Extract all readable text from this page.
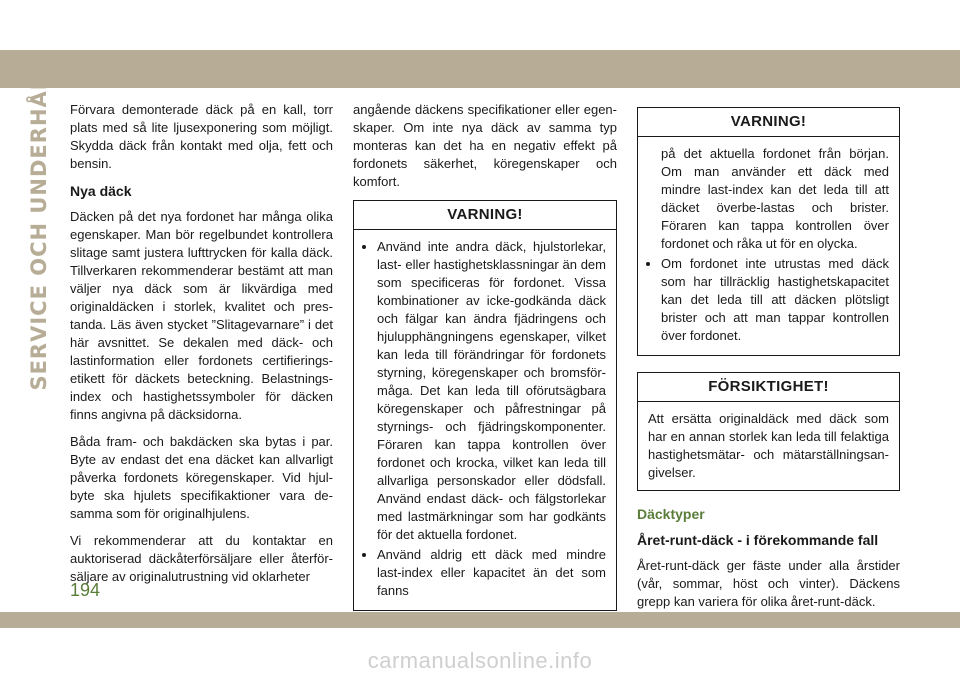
SERVICE OCH UNDERHÅLL Förvara demonterade däck på en kall, torr plats med så lite ljusexponering som möjligt. Skydda däck från kontakt med olja, fett och bensin.

Nya däck

Däcken på det nya fordonet har många olika egenskaper. Man bör regelbundet kontrollera slitage samt justera lufttrycken för kalla däck. Tillverkaren rekommenderar bestämt att man väljer nya däck som är likvärdiga med originaldäcken i storlek, kvalitet och pres-tanda. Läs även stycket ”Slitagevarnare” i det här avsnittet. Se dekalen med däck- och lastinformation eller fordonets certifierings-etikett för däckets beteckning. Belastnings-index och hastighetssymboler för däcken finns angivna på däcksidorna.

Båda fram- och bakdäcken ska bytas i par. Byte av endast det ena däcket kan allvarligt påverka fordonets köregenskaper. Vid hjul-byte ska hjulets specifikaktioner vara de-samma som för originalhjulens.

Vi rekommenderar att du kontaktar en auktoriserad däckåterförsäljare eller återför-säljare av originalutrustning vid oklarheter

angående däckens specifikationer eller egen-skaper. Om inte nya däck av samma typ monteras kan det ha en negativ effekt på fordonets säkerhet, köregenskaper och komfort.

VARNING!
• Använd inte andra däck, hjulstorlekar, last- eller hastighetsklassningar än dem som specificeras för fordonet. Vissa kombinationer av icke-godkända däck och fälgar kan ändra fjädringens och hjulupphängningens egenskaper, vilket kan leda till förändringar för fordonets styrning, köregenskaper och bromsför-måga. Det kan leda till oförutsägbara köregenskaper och påfrestningar på styrnings- och fjädringskomponenter. Föraren kan tappa kontrollen över fordonet och krocka, vilket kan leda till allvarliga personskador eller dödsfall. Använd endast däck- och fälgstorlekar med lastmärkningar som har godkänts för det aktuella fordonet.
• Använd aldrig ett däck med mindre last-index eller kapacitet än det som fanns
VARNING!

på det aktuella fordonet från början. Om man använder ett däck med mindre last-index kan det leda till att däcket överbe-lastas och brister. Föraren kan tappa kontrollen över fordonet och råka ut för en olycka.

• Om fordonet inte utrustas med däck som har tillräcklig hastighetskapacitet kan det leda till att däcken plötsligt brister och att man tappar kontrollen över fordonet.
FÖRSIKTIGHET!

Att ersätta originaldäck med däck som har en annan storlek kan leda till felaktiga hastighetsmätar- och mätarställningsan-givelser.

Däcktyper
Året-runt-däck - i förekommande fall

Året-runt-däck ger fäste under alla årstider (vår, sommar, höst och vinter). Däckens grepp kan variera för olika året-runt-däck.

194
carmanualsonline.info
